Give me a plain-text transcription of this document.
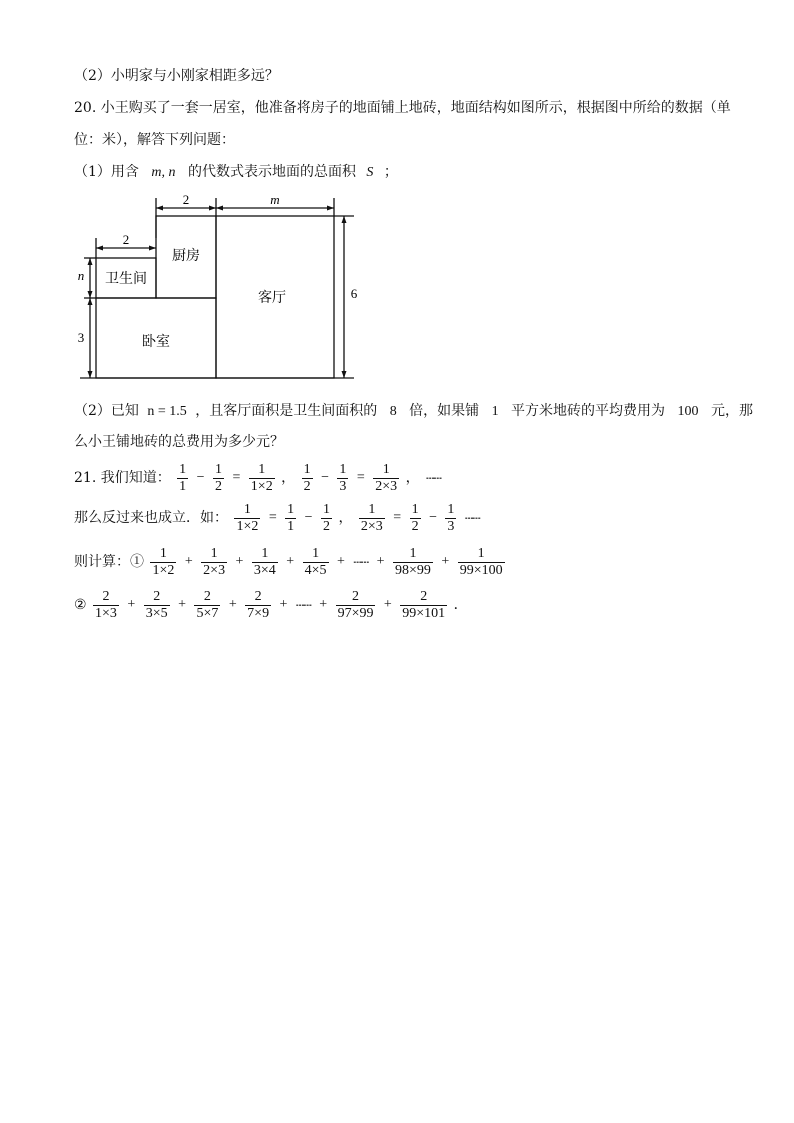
（2）小明家与小刚家相距多远？
20. 小王购买了一套一居室，他准备将房子的地面铺上地砖，地面结构如图所示，根据图中所给的数据（单
位：米），解答下列问题：
（1）用含 m, n 的代数式表示地面的总面积 S ；
2	m
2
n
3
6
厨房
卫生间
卧室
客厅
（2）已知 n = 1.5 ，且客厅面积是卫生间面积的 8 倍，如果铺 1 平方米地砖的平均费用为 100 元，那
么小王铺地砖的总费用为多少元？
21. 我们知道： $\frac{1}{1} - \frac{1}{2} = \frac{1}{1\times 2}$ ， $\frac{1}{2} - \frac{1}{3} = \frac{1}{2\times 3}$ ， ┄┄
那么反过来也成立．如： $\frac{1}{1\times 2} = \frac{1}{1} - \frac{1}{2}$ ， $\frac{1}{2\times 3} = \frac{1}{2} - \frac{1}{3}$ ┄┄
则计算：① $\frac{1}{1\times 2} + \frac{1}{2\times 3} + \frac{1}{3\times 4} + \frac{1}{4\times 5}$ + ┄┄ + $\frac{1}{98\times 99} + \frac{1}{99\times 100}$
② $\frac{2}{1\times 3} + \frac{2}{3\times 5} + \frac{2}{5\times 7} + \frac{2}{7\times 9}$ + ┄┄ + $\frac{2}{97\times 99} + \frac{2}{99\times 101}$ ．
